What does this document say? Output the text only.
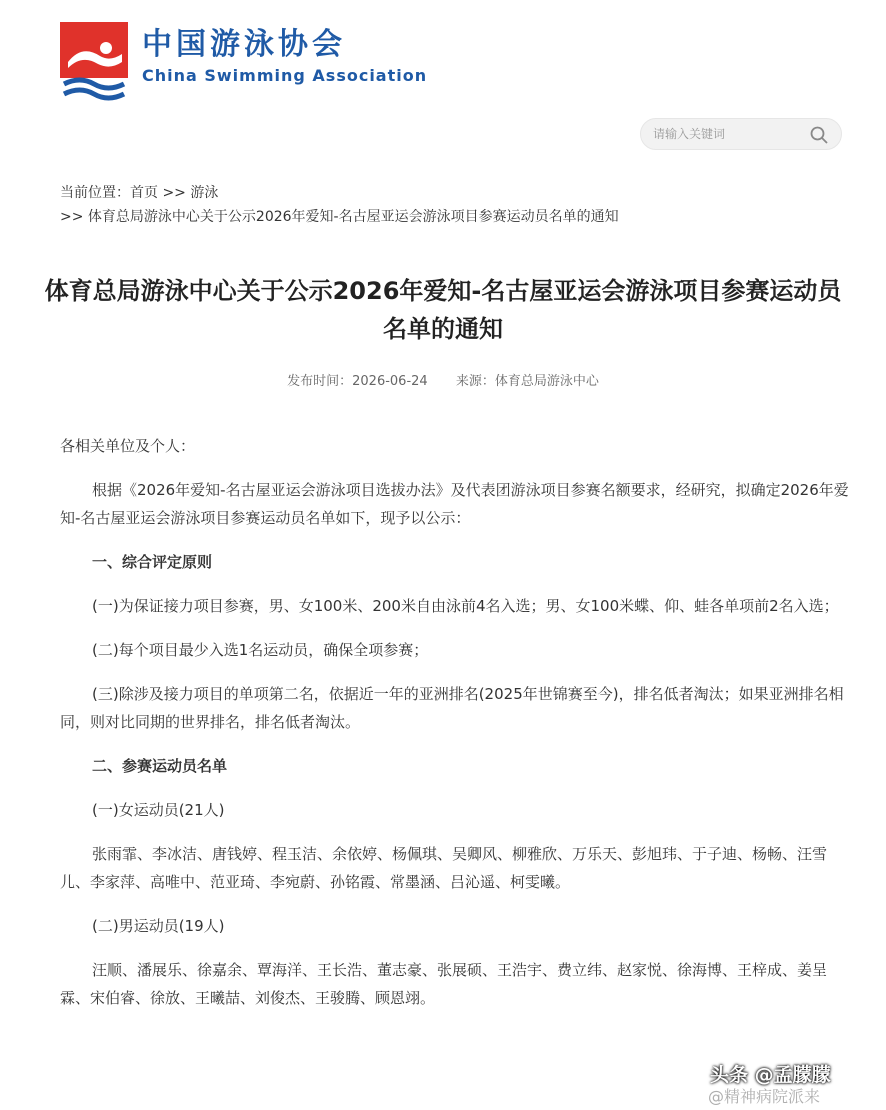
中国游泳协会
China Swimming Association
请输入关键词
当前位置：首页 >> 游泳
>> 体育总局游泳中心关于公示2026年爱知-名古屋亚运会游泳项目参赛运动员名单的通知
体育总局游泳中心关于公示2026年爱知-名古屋亚运会游泳项目参赛运动员名单的通知
发布时间：2026-06-24 来源：体育总局游泳中心

各相关单位及个人：

根据《2026年爱知-名古屋亚运会游泳项目选拔办法》及代表团游泳项目参赛名额要求，经研究，拟确定2026年爱知-名古屋亚运会游泳项目参赛运动员名单如下，现予以公示：

一、综合评定原则

(一)为保证接力项目参赛，男、女100米、200米自由泳前4名入选；男、女100米蝶、仰、蛙各单项前2名入选；

(二)每个项目最少入选1名运动员，确保全项参赛；

(三)除涉及接力项目的单项第二名，依据近一年的亚洲排名(2025年世锦赛至今)，排名低者淘汰；如果亚洲排名相同，则对比同期的世界排名，排名低者淘汰。

二、参赛运动员名单

(一)女运动员(21人)

张雨霏、李冰洁、唐钱婷、程玉洁、余依婷、杨佩琪、吴卿风、柳雅欣、万乐天、彭旭玮、于子迪、杨畅、汪雪儿、李家萍、高唯中、范亚琦、李宛蔚、孙铭霞、常墨涵、吕沁遥、柯雯曦。

(二)男运动员(19人)

汪顺、潘展乐、徐嘉余、覃海洋、王长浩、董志豪、张展硕、王浩宇、费立纬、赵家悦、徐海博、王梓成、姜呈霖、宋伯睿、徐放、王曦喆、刘俊杰、王骏腾、顾恩翊。

头条 @孟朦朦
@精神病院派来
